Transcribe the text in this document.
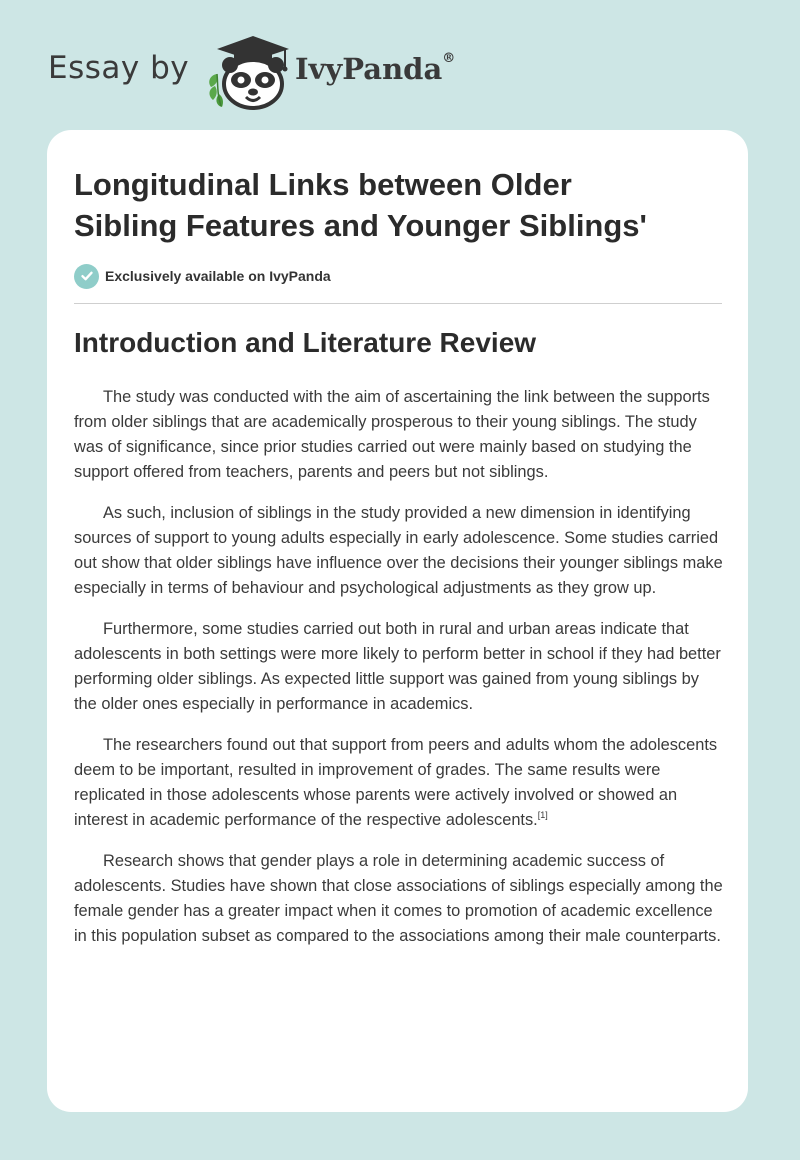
Essay by	IvyPanda®
Longitudinal Links between Older
Sibling Features and Younger Siblings'
Exclusively available on IvyPanda
Introduction and Literature Review

The study was conducted with the aim of ascertaining the link between the supports from older siblings that are academically prosperous to their young siblings. The study was of significance, since prior studies carried out were mainly based on studying the support offered from teachers, parents and peers but not siblings.

As such, inclusion of siblings in the study provided a new dimension in identifying sources of support to young adults especially in early adolescence. Some studies carried out show that older siblings have influence over the decisions their younger siblings make especially in terms of behaviour and psychological adjustments as they grow up.

Furthermore, some studies carried out both in rural and urban areas indicate that adolescents in both settings were more likely to perform better in school if they had better performing older siblings. As expected little support was gained from young siblings by the older ones especially in performance in academics.

The researchers found out that support from peers and adults whom the adolescents deem to be important, resulted in improvement of grades. The same results were replicated in those adolescents whose parents were actively involved or showed an interest in academic performance of the respective adolescents.[1]

Research shows that gender plays a role in determining academic success of adolescents. Studies have shown that close associations of siblings especially among the female gender has a greater impact when it comes to promotion of academic excellence in this population subset as compared to the associations among their male counterparts.
